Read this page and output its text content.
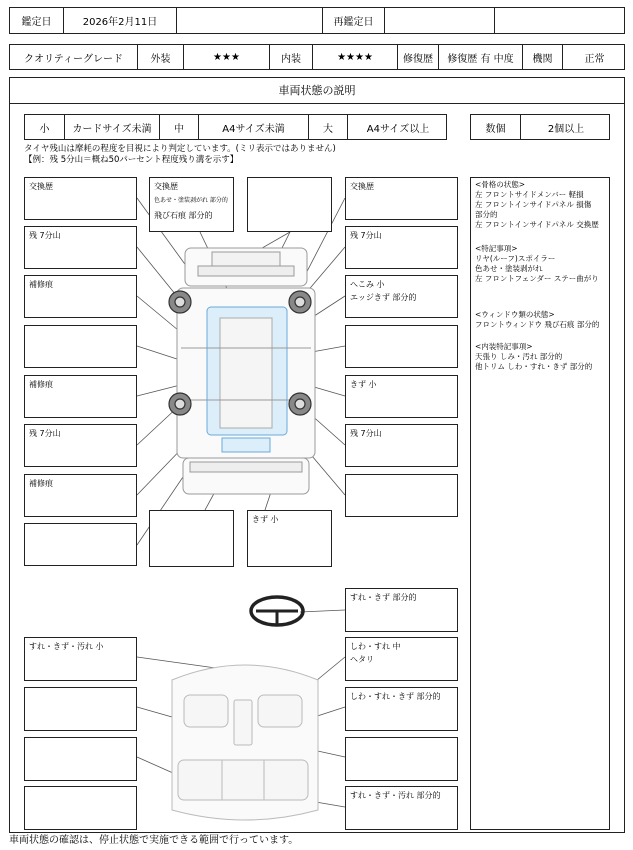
鑑定日	2026年2月11日	再鑑定日
クオリティーグレード	外装	★★★	内装	★★★★	修復歴	修復歴 有 中度	機関	正常
車両状態の説明
小	カードサイズ未満	中	A4サイズ未満	大	A4サイズ以上	数個	2個以上
タイヤ残山は摩耗の程度を目視により判定しています。(ミリ表示ではありません)
【例：残 5分山＝概ね50パーセント程度残り溝を示す】
交換歴
残 7分山
補修痕
補修痕
残 7分山
補修痕
交換歴
色あせ・塗装剥がれ 部分的
飛び石痕 部分的
交換歴
残 7分山
へこみ 小
エッジきず 部分的
きず 小
残 7分山
きず 小
<骨格の状態>
左 フロントサイドメンバー 軽損
左 フロントインサイドパネル 損傷
部分的
左 フロントインサイドパネル 交換歴
<特記事項>
リヤ(ルーフ)スポイラー
色あせ・塗装剥がれ
左 フロントフェンダー ステー曲がり
<ウィンドウ類の状態>
フロントウィンドウ 飛び石痕 部分的
<内装特記事項>
天張り しみ・汚れ 部分的
他トリム しわ・すれ・きず 部分的
すれ・きず 部分的
すれ・きず・汚れ 小	しわ・すれ 中
ヘタリ
しわ・すれ・きず 部分的
すれ・きず・汚れ 部分的
車両状態の確認は、停止状態で実施できる範囲で行っています。
